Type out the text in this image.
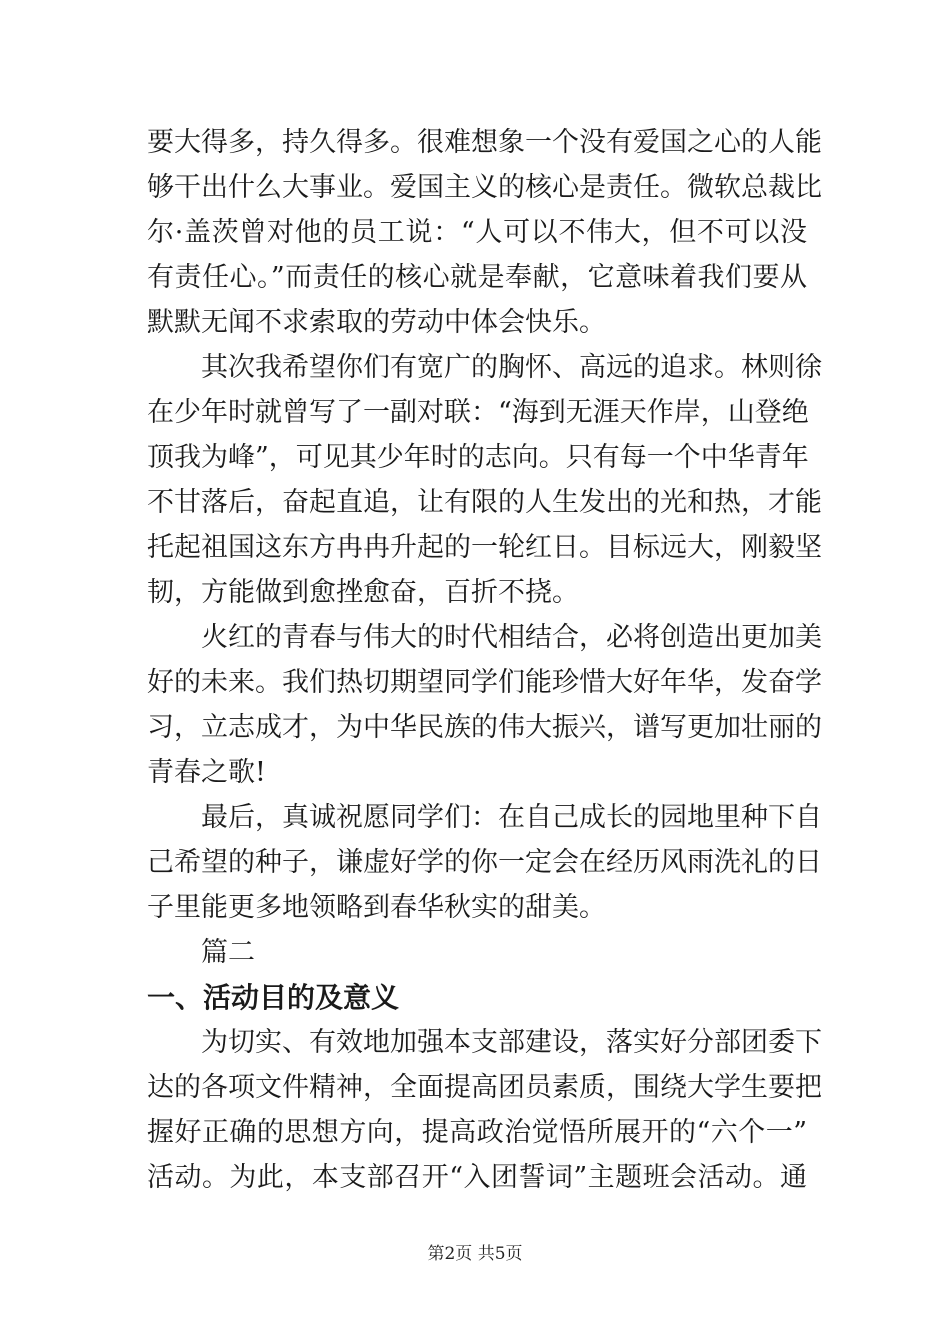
要大得多，持久得多。很难想象一个没有爱国之心的人能
够干出什么大事业。爱国主义的核心是责任。微软总裁比
尔·盖茨曾对他的员工说：“人可以不伟大，但不可以没
有责任心。”而责任的核心就是奉献，它意味着我们要从
默默无闻不求索取的劳动中体会快乐。
其次我希望你们有宽广的胸怀、高远的追求。林则徐
在少年时就曾写了一副对联：“海到无涯天作岸，山登绝
顶我为峰”，可见其少年时的志向。只有每一个中华青年
不甘落后，奋起直追，让有限的人生发出的光和热，才能
托起祖国这东方冉冉升起的一轮红日。目标远大，刚毅坚
韧，方能做到愈挫愈奋，百折不挠。
火红的青春与伟大的时代相结合，必将创造出更加美
好的未来。我们热切期望同学们能珍惜大好年华，发奋学
习，立志成才，为中华民族的伟大振兴，谱写更加壮丽的
青春之歌!
最后，真诚祝愿同学们：在自己成长的园地里种下自
己希望的种子，谦虚好学的你一定会在经历风雨洗礼的日
子里能更多地领略到春华秋实的甜美。
篇二
一、活动目的及意义
为切实、有效地加强本支部建设，落实好分部团委下
达的各项文件精神，全面提高团员素质，围绕大学生要把
握好正确的思想方向，提高政治觉悟所展开的“六个一”
活动。为此，本支部召开“入团誓词”主题班会活动。通
第2页 共5页
